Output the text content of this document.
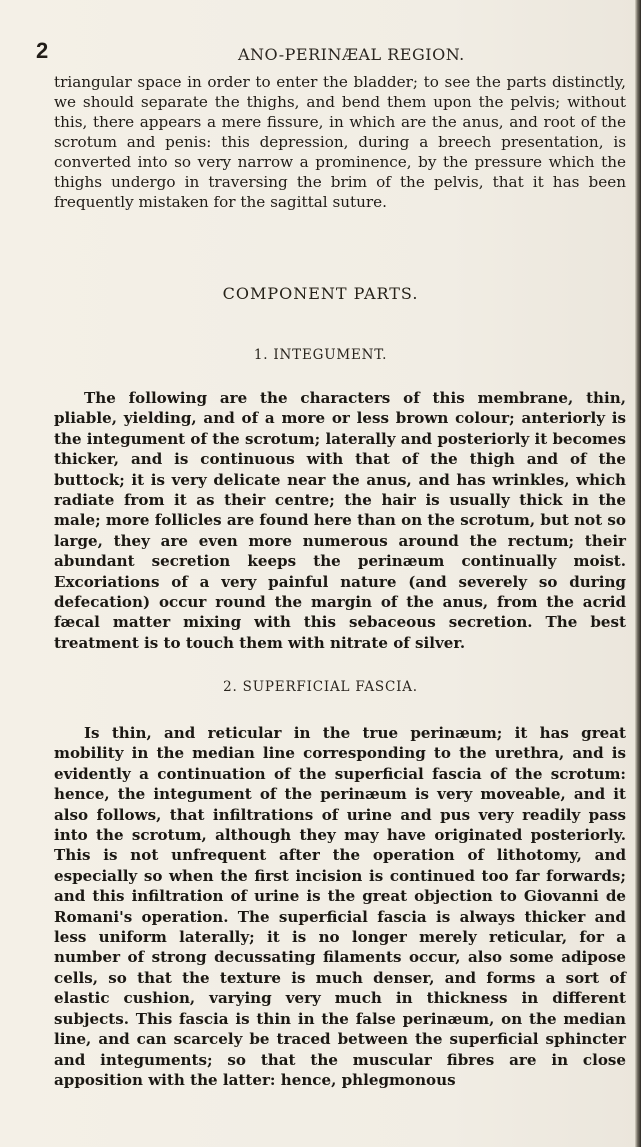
2	ANO-PERINÆAL REGION.

triangular space in order to enter the bladder; to see the parts distinctly, we should separate the thighs, and bend them upon the pelvis; without this, there appears a mere fissure, in which are the anus, and root of the scrotum and penis: this depression, during a breech presentation, is converted into so very narrow a prominence, by the pressure which the thighs undergo in traversing the brim of the pelvis, that it has been frequently mistaken for the sagittal suture.

COMPONENT PARTS.
1. INTEGUMENT.

The following are the characters of this membrane, thin, pliable, yielding, and of a more or less brown colour; anteriorly is the integument of the scrotum; laterally and posteriorly it becomes thicker, and is continuous with that of the thigh and of the buttock; it is very delicate near the anus, and has wrinkles, which radiate from it as their centre; the hair is usually thick in the male; more follicles are found here than on the scrotum, but not so large, they are even more numerous around the rectum; their abundant secretion keeps the perinæum continually moist. Excoriations of a very painful nature (and severely so during defecation) occur round the margin of the anus, from the acrid fæcal matter mixing with this sebaceous secretion. The best treatment is to touch them with nitrate of silver.

2. SUPERFICIAL FASCIA.

Is thin, and reticular in the true perinæum; it has great mobility in the median line corresponding to the urethra, and is evidently a continuation of the superficial fascia of the scrotum: hence, the integument of the perinæum is very moveable, and it also follows, that infiltrations of urine and pus very readily pass into the scrotum, although they may have originated posteriorly. This is not unfrequent after the operation of lithotomy, and especially so when the first incision is continued too far forwards; and this infiltration of urine is the great objection to Giovanni de Romani's operation. The superficial fascia is always thicker and less uniform laterally; it is no longer merely reticular, for a number of strong decussating filaments occur, also some adipose cells, so that the texture is much denser, and forms a sort of elastic cushion, varying very much in thickness in different subjects. This fascia is thin in the false perinæum, on the median line, and can scarcely be traced between the superficial sphincter and integuments; so that the muscular fibres are in close apposition with the latter: hence, phlegmonous
